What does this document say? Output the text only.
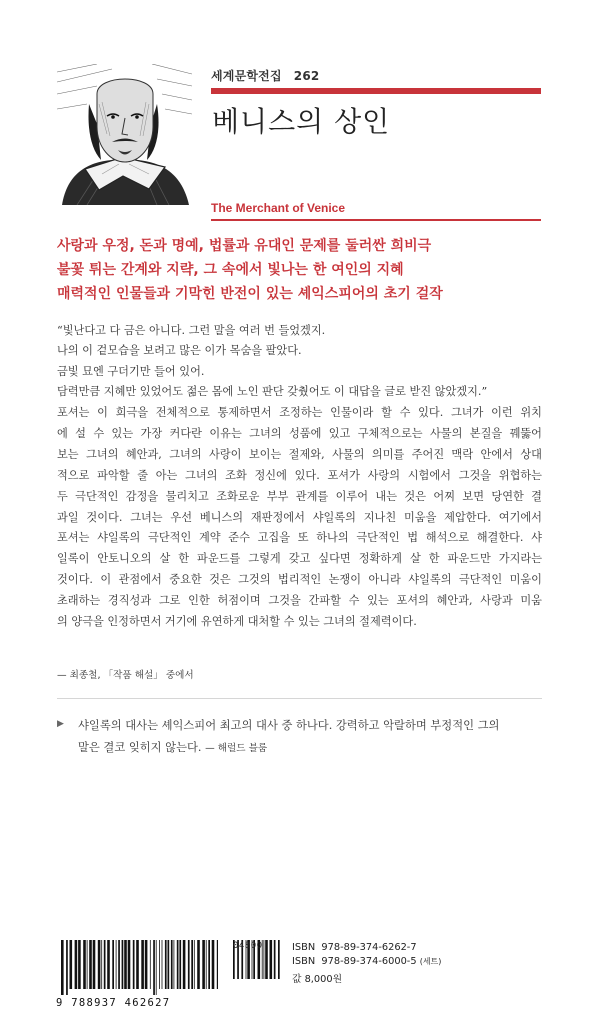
세계문학전집 262
베니스의 상인
The Merchant of Venice
사랑과 우정, 돈과 명예, 법률과 유대인 문제를 둘러싼 희비극
불꽃 튀는 간계와 지략, 그 속에서 빛나는 한 여인의 지혜
매력적인 인물들과 기막힌 반전이 있는 셰익스피어의 초기 걸작
“빛난다고 다 금은 아니다. 그런 말을 여러 번 들었겠지.
나의 이 겉모습을 보려고 많은 이가 목숨을 팔았다.
금빛 묘엔 구더기만 들어 있어.
담력만큼 지혜만 있었어도 젊은 몸에 노인 판단 갖췄어도 이 대답을 글로 받진 않았겠지.”
포셔는 이 희극을 전체적으로 통제하면서 조정하는 인물이라 할 수 있다. 그녀가 이런 위치
에 설 수 있는 가장 커다란 이유는 그녀의 성품에 있고 구체적으로는 사물의 본질을 꿰뚫어
보는 그녀의 혜안과, 그녀의 사랑이 보이는 절제와, 사물의 의미를 주어진 맥락 안에서 상대
적으로 파악할 줄 아는 그녀의 조화 정신에 있다. 포셔가 사랑의 시험에서 그것을 위협하는
두 극단적인 감정을 물리치고 조화로운 부부 관계를 이루어 내는 것은 어찌 보면 당연한 결
과일 것이다. 그녀는 우선 베니스의 재판정에서 샤일록의 지나친 미움을 제압한다. 여기에서
포셔는 샤일록의 극단적인 계약 준수 고집을 또 하나의 극단적인 법 해석으로 해결한다. 샤
일록이 안토니오의 살 한 파운드를 그렇게 갖고 싶다면 정확하게 살 한 파운드만 가지라는
것이다. 이 관점에서 중요한 것은 그것의 법리적인 논쟁이 아니라 샤일록의 극단적인 미움이
초래하는 경직성과 그로 인한 허점이며 그것을 간파할 수 있는 포셔의 혜안과, 사랑과 미움
의 양극을 인정하면서 거기에 유연하게 대처할 수 있는 그녀의 절제력이다.
— 최종철, 「작품 해설」 중에서
▶ 샤일록의 대사는 셰익스피어 최고의 대사 중 하나다. 강력하고 악랄하며 부정적인 그의
말은 결코 잊히지 않는다. — 해럴드 블룸
9 788937 462627
04800	ISBN 978-89-374-6262-7
ISBN 978-89-374-6000-5 (세트)
값 8,000원
